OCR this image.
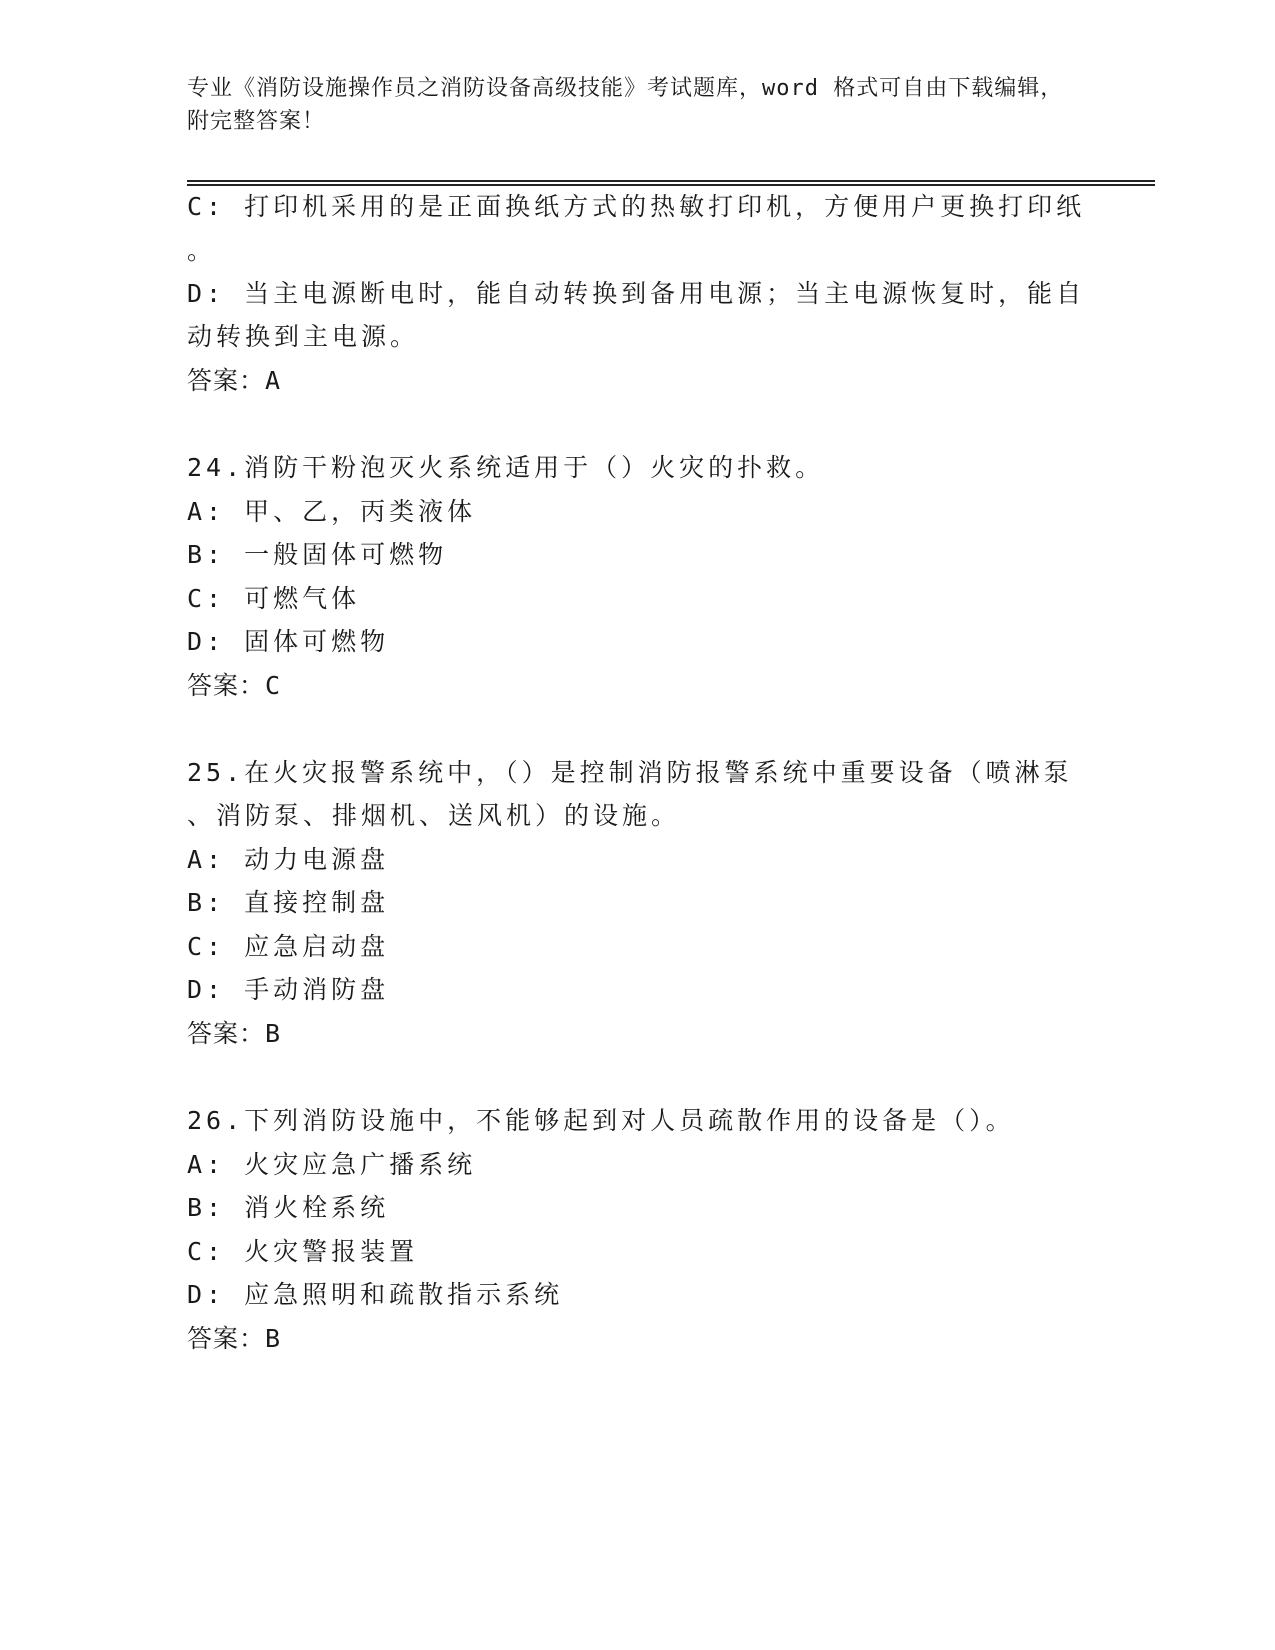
专业《消防设施操作员之消防设备高级技能》考试题库，word 格式可自由下载编辑，附完整答案！
C: 打印机采用的是正面换纸方式的热敏打印机，方便用户更换打印纸
。
D: 当主电源断电时，能自动转换到备用电源；当主电源恢复时，能自
动转换到主电源。
答案：A
24.消防干粉泡灭火系统适用于（）火灾的扑救。
A: 甲、乙，丙类液体
B: 一般固体可燃物
C: 可燃气体
D: 固体可燃物
答案：C
25.在火灾报警系统中，（）是控制消防报警系统中重要设备（喷淋泵
、消防泵、排烟机、送风机）的设施。
A: 动力电源盘
B: 直接控制盘
C: 应急启动盘
D: 手动消防盘
答案：B
26.下列消防设施中，不能够起到对人员疏散作用的设备是（）。
A: 火灾应急广播系统
B: 消火栓系统
C: 火灾警报装置
D: 应急照明和疏散指示系统
答案：B
